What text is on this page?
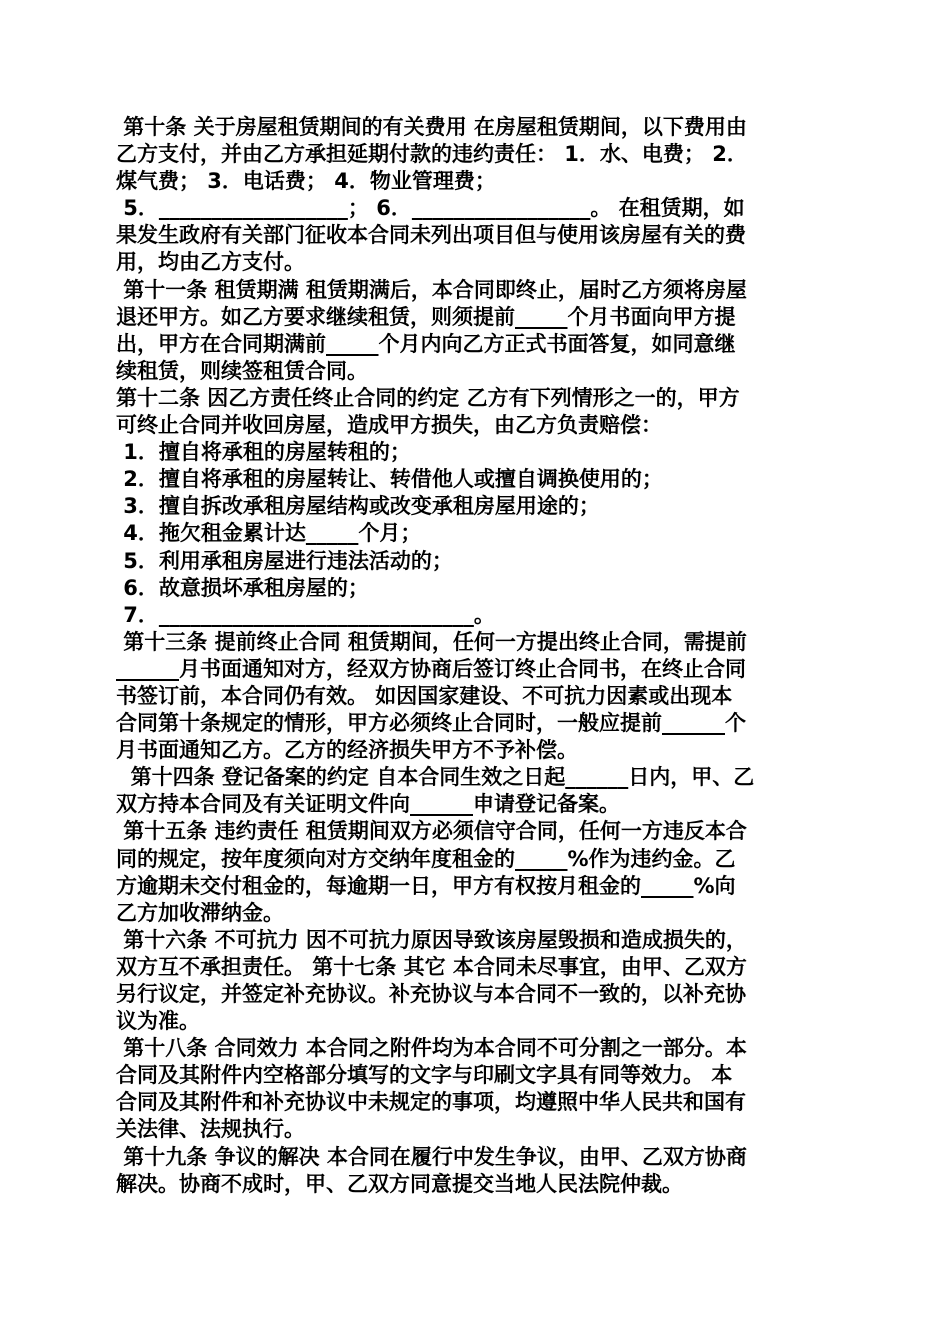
第十条 关于房屋租赁期间的有关费用 在房屋租赁期间，以下费用由
乙方支付，并由乙方承担延期付款的违约责任： 1．水、电费； 2．
煤气费； 3．电话费； 4．物业管理费；
5．__________________； 6．_________________。 在租赁期，如
果发生政府有关部门征收本合同未列出项目但与使用该房屋有关的费
用，均由乙方支付。
第十一条 租赁期满 租赁期满后，本合同即终止，届时乙方须将房屋
退还甲方。如乙方要求继续租赁，则须提前_____个月书面向甲方提
出，甲方在合同期满前_____个月内向乙方正式书面答复，如同意继
续租赁，则续签租赁合同。
第十二条 因乙方责任终止合同的约定 乙方有下列情形之一的，甲方
可终止合同并收回房屋，造成甲方损失，由乙方负责赔偿：
1．擅自将承租的房屋转租的；
2．擅自将承租的房屋转让、转借他人或擅自调换使用的；
3．擅自拆改承租房屋结构或改变承租房屋用途的；
4．拖欠租金累计达_____个月；
5．利用承租房屋进行违法活动的；
6．故意损坏承租房屋的；
7．______________________________。
第十三条 提前终止合同 租赁期间，任何一方提出终止合同，需提前
______月书面通知对方，经双方协商后签订终止合同书，在终止合同
书签订前，本合同仍有效。 如因国家建设、不可抗力因素或出现本
合同第十条规定的情形，甲方必须终止合同时，一般应提前______个
月书面通知乙方。乙方的经济损失甲方不予补偿。
第十四条 登记备案的约定 自本合同生效之日起______日内，甲、乙
双方持本合同及有关证明文件向______申请登记备案。
第十五条 违约责任 租赁期间双方必须信守合同，任何一方违反本合
同的规定，按年度须向对方交纳年度租金的_____%作为违约金。乙
方逾期未交付租金的，每逾期一日，甲方有权按月租金的_____%向
乙方加收滞纳金。
第十六条 不可抗力 因不可抗力原因导致该房屋毁损和造成损失的，
双方互不承担责任。 第十七条 其它 本合同未尽事宜，由甲、乙双方
另行议定，并签定补充协议。补充协议与本合同不一致的，以补充协
议为准。
第十八条 合同效力 本合同之附件均为本合同不可分割之一部分。本
合同及其附件内空格部分填写的文字与印刷文字具有同等效力。 本
合同及其附件和补充协议中未规定的事项，均遵照中华人民共和国有
关法律、法规执行。
第十九条 争议的解决 本合同在履行中发生争议，由甲、乙双方协商
解决。协商不成时，甲、乙双方同意提交当地人民法院仲裁。
